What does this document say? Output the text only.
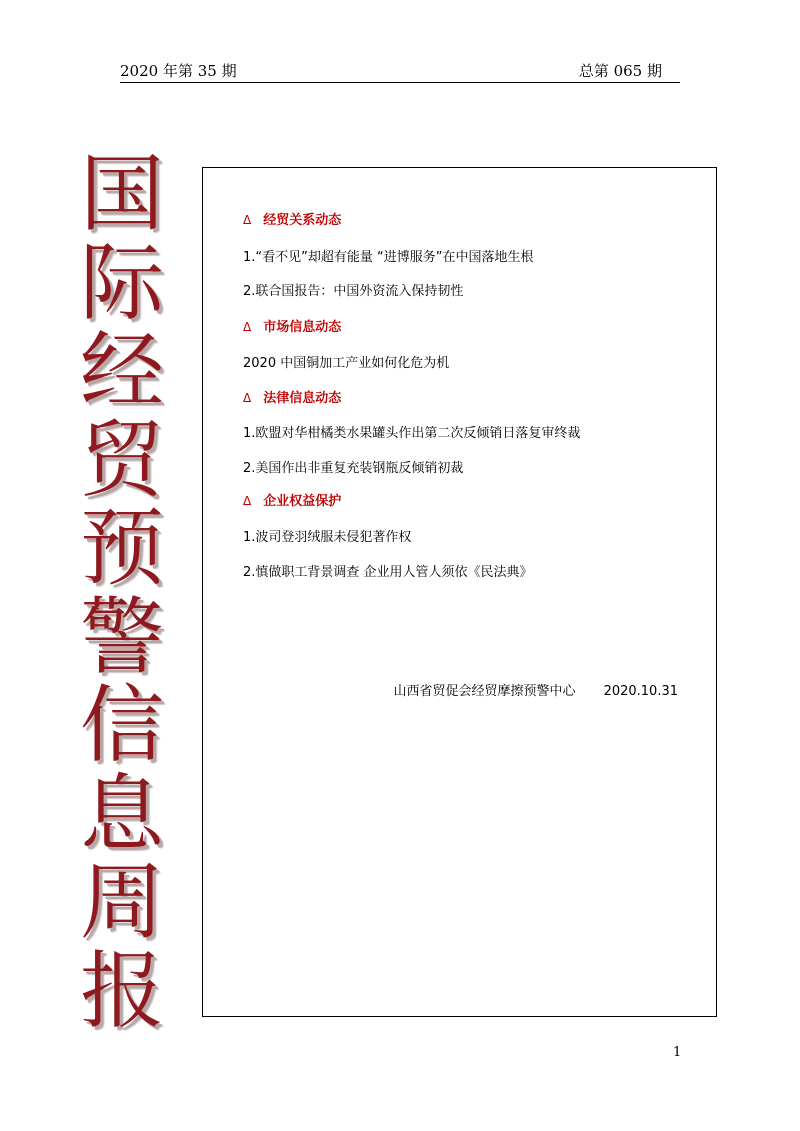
2020 年第 35 期	总第 065 期
国
际
经
贸
预
警
信
息
周
报
Δ 经贸关系动态
1.“看不见”却超有能量 “进博服务”在中国落地生根
2.联合国报告：中国外资流入保持韧性
Δ 市场信息动态
2020 中国铜加工产业如何化危为机
Δ 法律信息动态
1.欧盟对华柑橘类水果罐头作出第二次反倾销日落复审终裁
2.美国作出非重复充装钢瓶反倾销初裁
Δ 企业权益保护
1.波司登羽绒服未侵犯著作权
2.慎做职工背景调查 企业用人管人须依《民法典》
山西省贸促会经贸摩擦预警中心 2020.10.31
1
